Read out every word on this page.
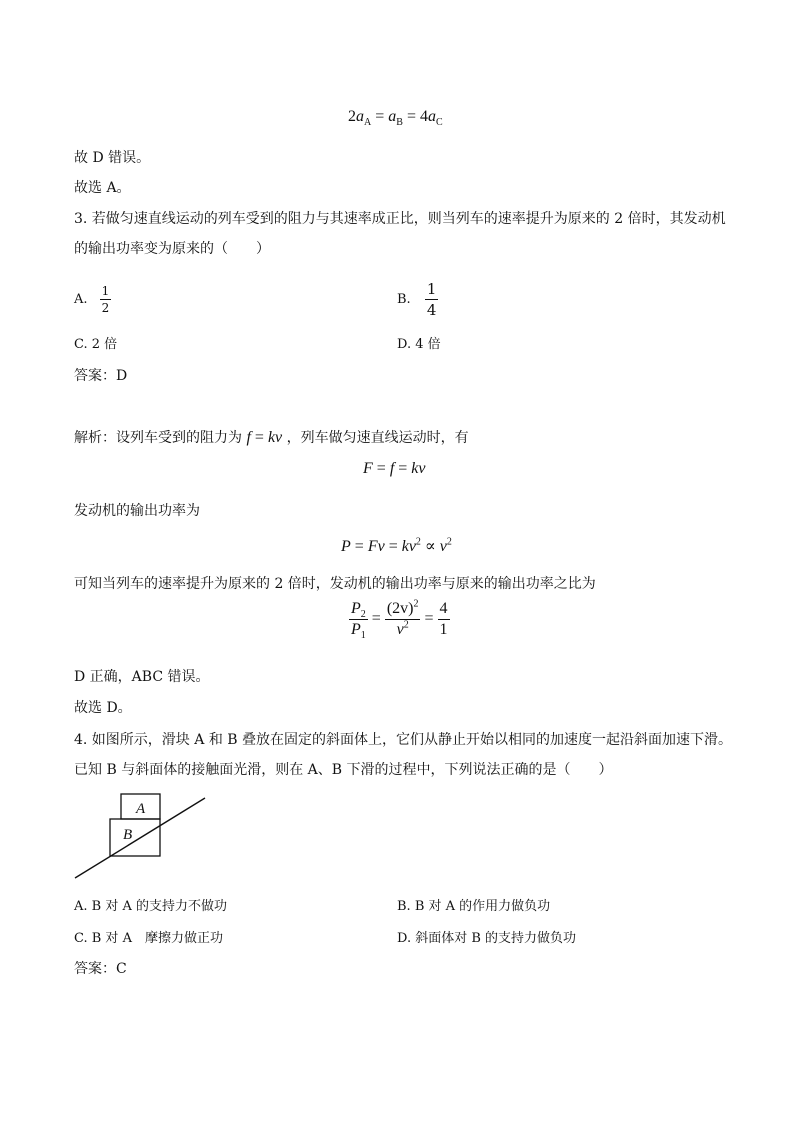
$2a_A = a_B = 4a_C$
故 D 错误。
故选 A。
3. 若做匀速直线运动的列车受到的阻力与其速率成正比，则当列车的速率提升为原来的 2 倍时，其发动机
的输出功率变为原来的（　　）
A. $\frac{1}{2}$	B. $\frac{1}{4}$
C. 2 倍	D. 4 倍
答案：D
解析：设列车受到的阻力为 f = kv ，列车做匀速直线运动时，有
F = f = kv
发动机的输出功率为
$P = Fv = kv^2 \propto v^2$
可知当列车的速率提升为原来的 2 倍时，发动机的输出功率与原来的输出功率之比为
$\frac{P_2}{P_1} = \frac{(2v)^2}{v^2} = \frac{4}{1}$
D 正确，ABC 错误。
故选 D。
4. 如图所示，滑块 A 和 B 叠放在固定的斜面体上，它们从静止开始以相同的加速度一起沿斜面加速下滑。
已知 B 与斜面体的接触面光滑，则在 A、B 下滑的过程中，下列说法正确的是（　　）
A
B
A. B 对 A 的支持力不做功	B. B 对 A 的作用力做负功
C. B 对 A　摩擦力做正功	D. 斜面体对 B 的支持力做负功
答案：C
